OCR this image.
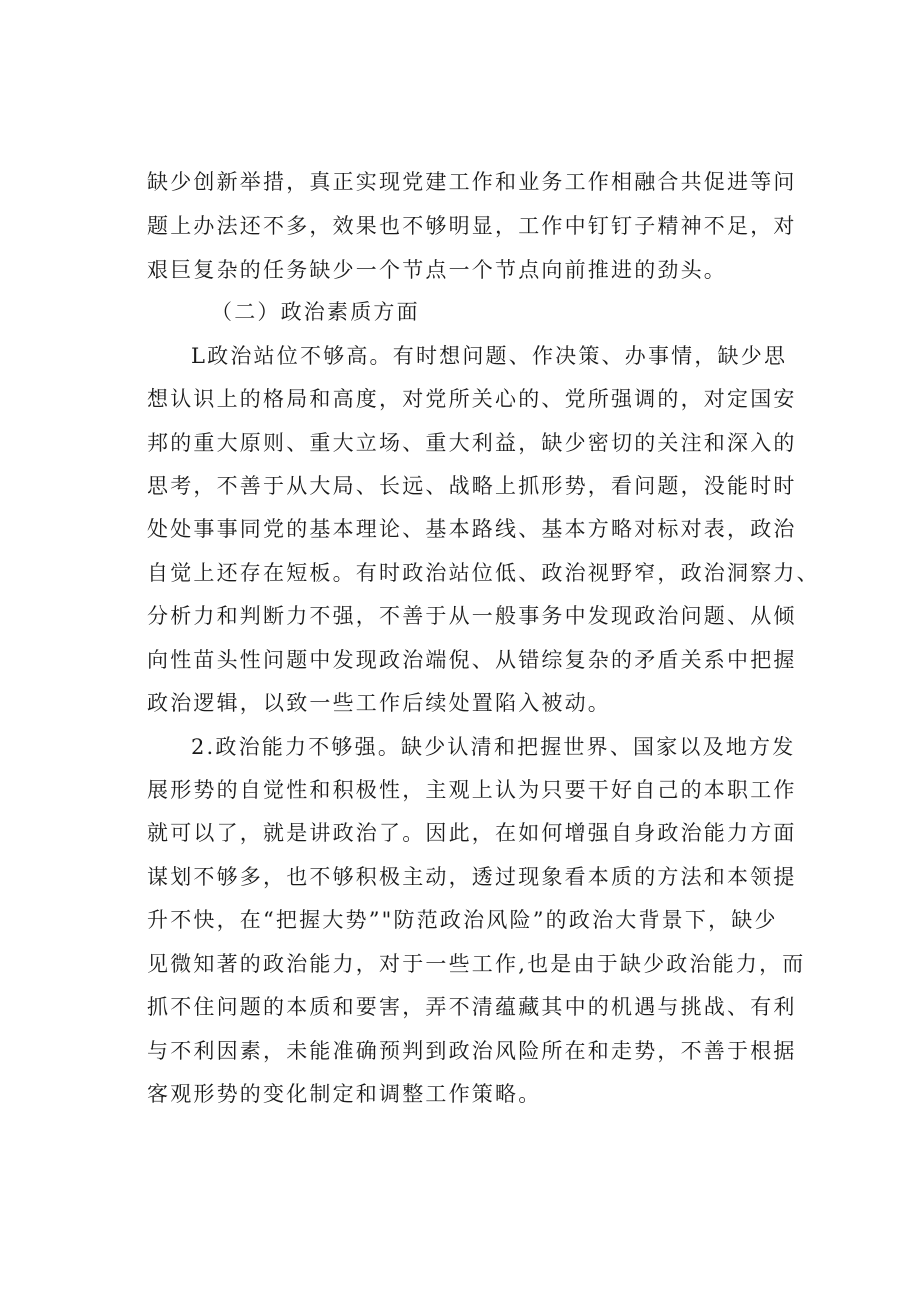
缺少创新举措，真正实现党建工作和业务工作相融合共促进等问
题上办法还不多，效果也不够明显，工作中钉钉子精神不足，对
艰巨复杂的任务缺少一个节点一个节点向前推进的劲头。
（二）政治素质方面
L政治站位不够高。有时想问题、作决策、办事情，缺少思
想认识上的格局和高度，对党所关心的、党所强调的，对定国安
邦的重大原则、重大立场、重大利益，缺少密切的关注和深入的
思考，不善于从大局、长远、战略上抓形势，看问题，没能时时
处处事事同党的基本理论、基本路线、基本方略对标对表，政治
自觉上还存在短板。有时政治站位低、政治视野窄，政治洞察力、
分析力和判断力不强，不善于从一般事务中发现政治问题、从倾
向性苗头性问题中发现政治端倪、从错综复杂的矛盾关系中把握
政治逻辑，以致一些工作后续处置陷入被动。
2.政治能力不够强。缺少认清和把握世界、国家以及地方发
展形势的自觉性和积极性，主观上认为只要干好自己的本职工作
就可以了，就是讲政治了。因此，在如何增强自身政治能力方面
谋划不够多，也不够积极主动，透过现象看本质的方法和本领提
升不快，在“把握大势”"防范政治风险”的政治大背景下，缺少
见微知著的政治能力，对于一些工作,也是由于缺少政治能力，而
抓不住问题的本质和要害，弄不清蕴藏其中的机遇与挑战、有利
与不利因素，未能准确预判到政治风险所在和走势，不善于根据
客观形势的变化制定和调整工作策略。
